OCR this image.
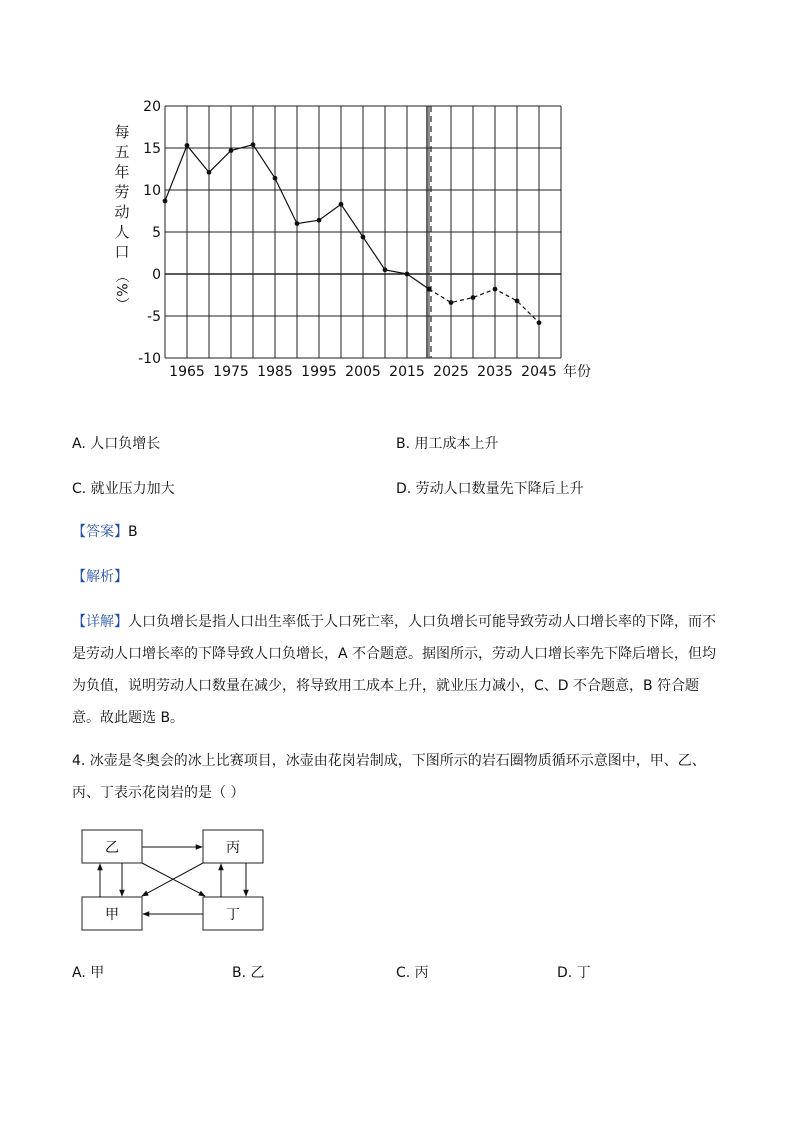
20
15
10
5
0
-5
-10
1965 1975 1985 1995 2005 2015 2025 2035 2045
每
五
年
劳
动
人
口
（
%
）
年份
A. 人口负增长	B. 用工成本上升
C. 就业压力加大	D. 劳动人口数量先下降后上升
【答案】B
【解析】
【详解】人口负增长是指人口出生率低于人口死亡率，人口负增长可能导致劳动人口增长率的下降，而不
是劳动人口增长率的下降导致人口负增长，A 不合题意。据图所示，劳动人口增长率先下降后增长，但均
为负值，说明劳动人口数量在减少，将导致用工成本上升，就业压力减小，C、D 不合题意，B 符合题
意。故此题选 B。
4. 冰壶是冬奥会的冰上比赛项目，冰壶由花岗岩制成，下图所示的岩石圈物质循环示意图中，甲、乙、
丙、丁表示花岗岩的是（ ）
乙	丙
甲	丁
A. 甲	B. 乙	C. 丙	D. 丁
